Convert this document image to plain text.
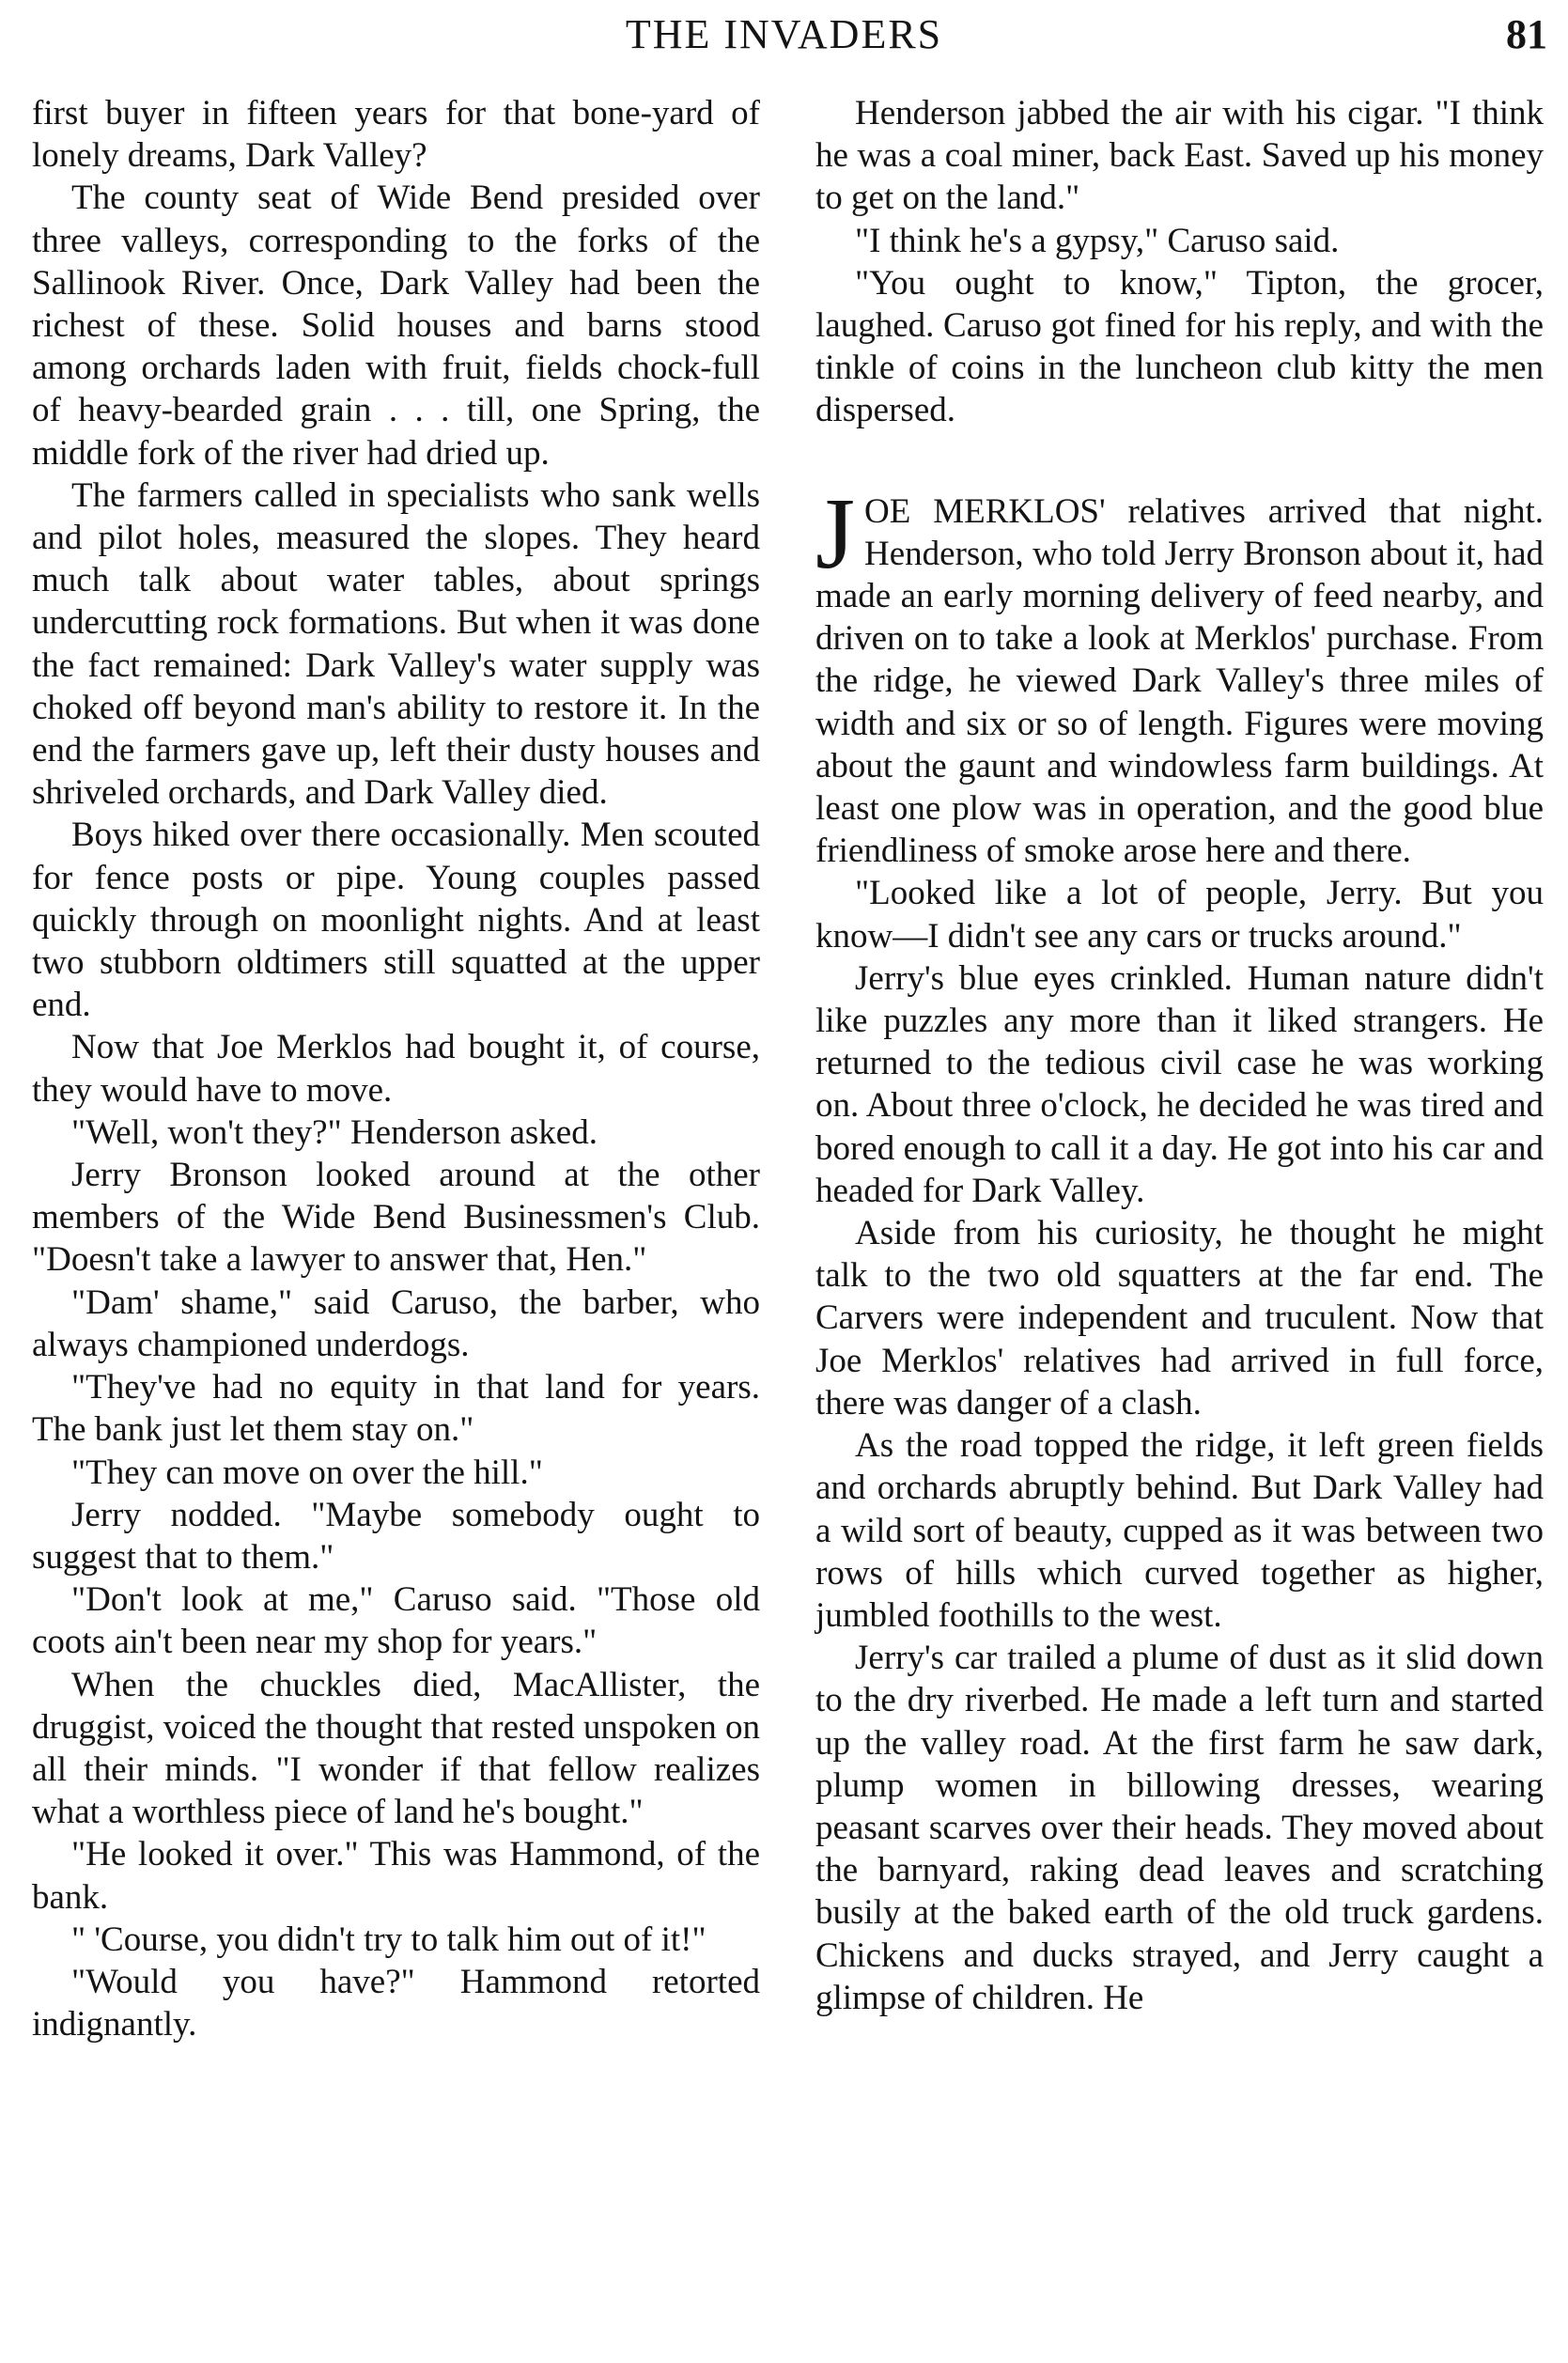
THE INVADERS	81

first buyer in fifteen years for that bone-yard of lonely dreams, Dark Valley?

The county seat of Wide Bend presided over three valleys, corresponding to the forks of the Sallinook River. Once, Dark Valley had been the richest of these. Solid houses and barns stood among orchards laden with fruit, fields chock-full of heavy-bearded grain . . . till, one Spring, the middle fork of the river had dried up.

The farmers called in specialists who sank wells and pilot holes, measured the slopes. They heard much talk about water tables, about springs undercutting rock formations. But when it was done the fact remained: Dark Valley's water supply was choked off beyond man's ability to restore it. In the end the farmers gave up, left their dusty houses and shriveled orchards, and Dark Valley died.

Boys hiked over there occasionally. Men scouted for fence posts or pipe. Young couples passed quickly through on moonlight nights. And at least two stubborn oldtimers still squatted at the upper end.

Now that Joe Merklos had bought it, of course, they would have to move.

"Well, won't they?" Henderson asked.

Jerry Bronson looked around at the other members of the Wide Bend Businessmen's Club. "Doesn't take a lawyer to answer that, Hen."

"Dam' shame," said Caruso, the barber, who always championed underdogs.

"They've had no equity in that land for years. The bank just let them stay on."

"They can move on over the hill."

Jerry nodded. "Maybe somebody ought to suggest that to them."

"Don't look at me," Caruso said. "Those old coots ain't been near my shop for years."

When the chuckles died, MacAllister, the druggist, voiced the thought that rested unspoken on all their minds. "I wonder if that fellow realizes what a worthless piece of land he's bought."

"He looked it over." This was Hammond, of the bank.

" 'Course, you didn't try to talk him out of it!"

"Would you have?" Hammond retorted indignantly.

Henderson jabbed the air with his cigar. "I think he was a coal miner, back East. Saved up his money to get on the land."

"I think he's a gypsy," Caruso said.

"You ought to know," Tipton, the grocer, laughed. Caruso got fined for his reply, and with the tinkle of coins in the luncheon club kitty the men dispersed.

JOE MERKLOS' relatives arrived that night. Henderson, who told Jerry Bronson about it, had made an early morning delivery of feed nearby, and driven on to take a look at Merklos' purchase. From the ridge, he viewed Dark Valley's three miles of width and six or so of length. Figures were moving about the gaunt and windowless farm buildings. At least one plow was in operation, and the good blue friendliness of smoke arose here and there.

"Looked like a lot of people, Jerry. But you know—I didn't see any cars or trucks around."

Jerry's blue eyes crinkled. Human nature didn't like puzzles any more than it liked strangers. He returned to the tedious civil case he was working on. About three o'clock, he decided he was tired and bored enough to call it a day. He got into his car and headed for Dark Valley.

Aside from his curiosity, he thought he might talk to the two old squatters at the far end. The Carvers were independent and truculent. Now that Joe Merklos' relatives had arrived in full force, there was danger of a clash.

As the road topped the ridge, it left green fields and orchards abruptly behind. But Dark Valley had a wild sort of beauty, cupped as it was between two rows of hills which curved together as higher, jumbled foothills to the west.

Jerry's car trailed a plume of dust as it slid down to the dry riverbed. He made a left turn and started up the valley road. At the first farm he saw dark, plump women in billowing dresses, wearing peasant scarves over their heads. They moved about the barnyard, raking dead leaves and scratching busily at the baked earth of the old truck gardens. Chickens and ducks strayed, and Jerry caught a glimpse of children. He
